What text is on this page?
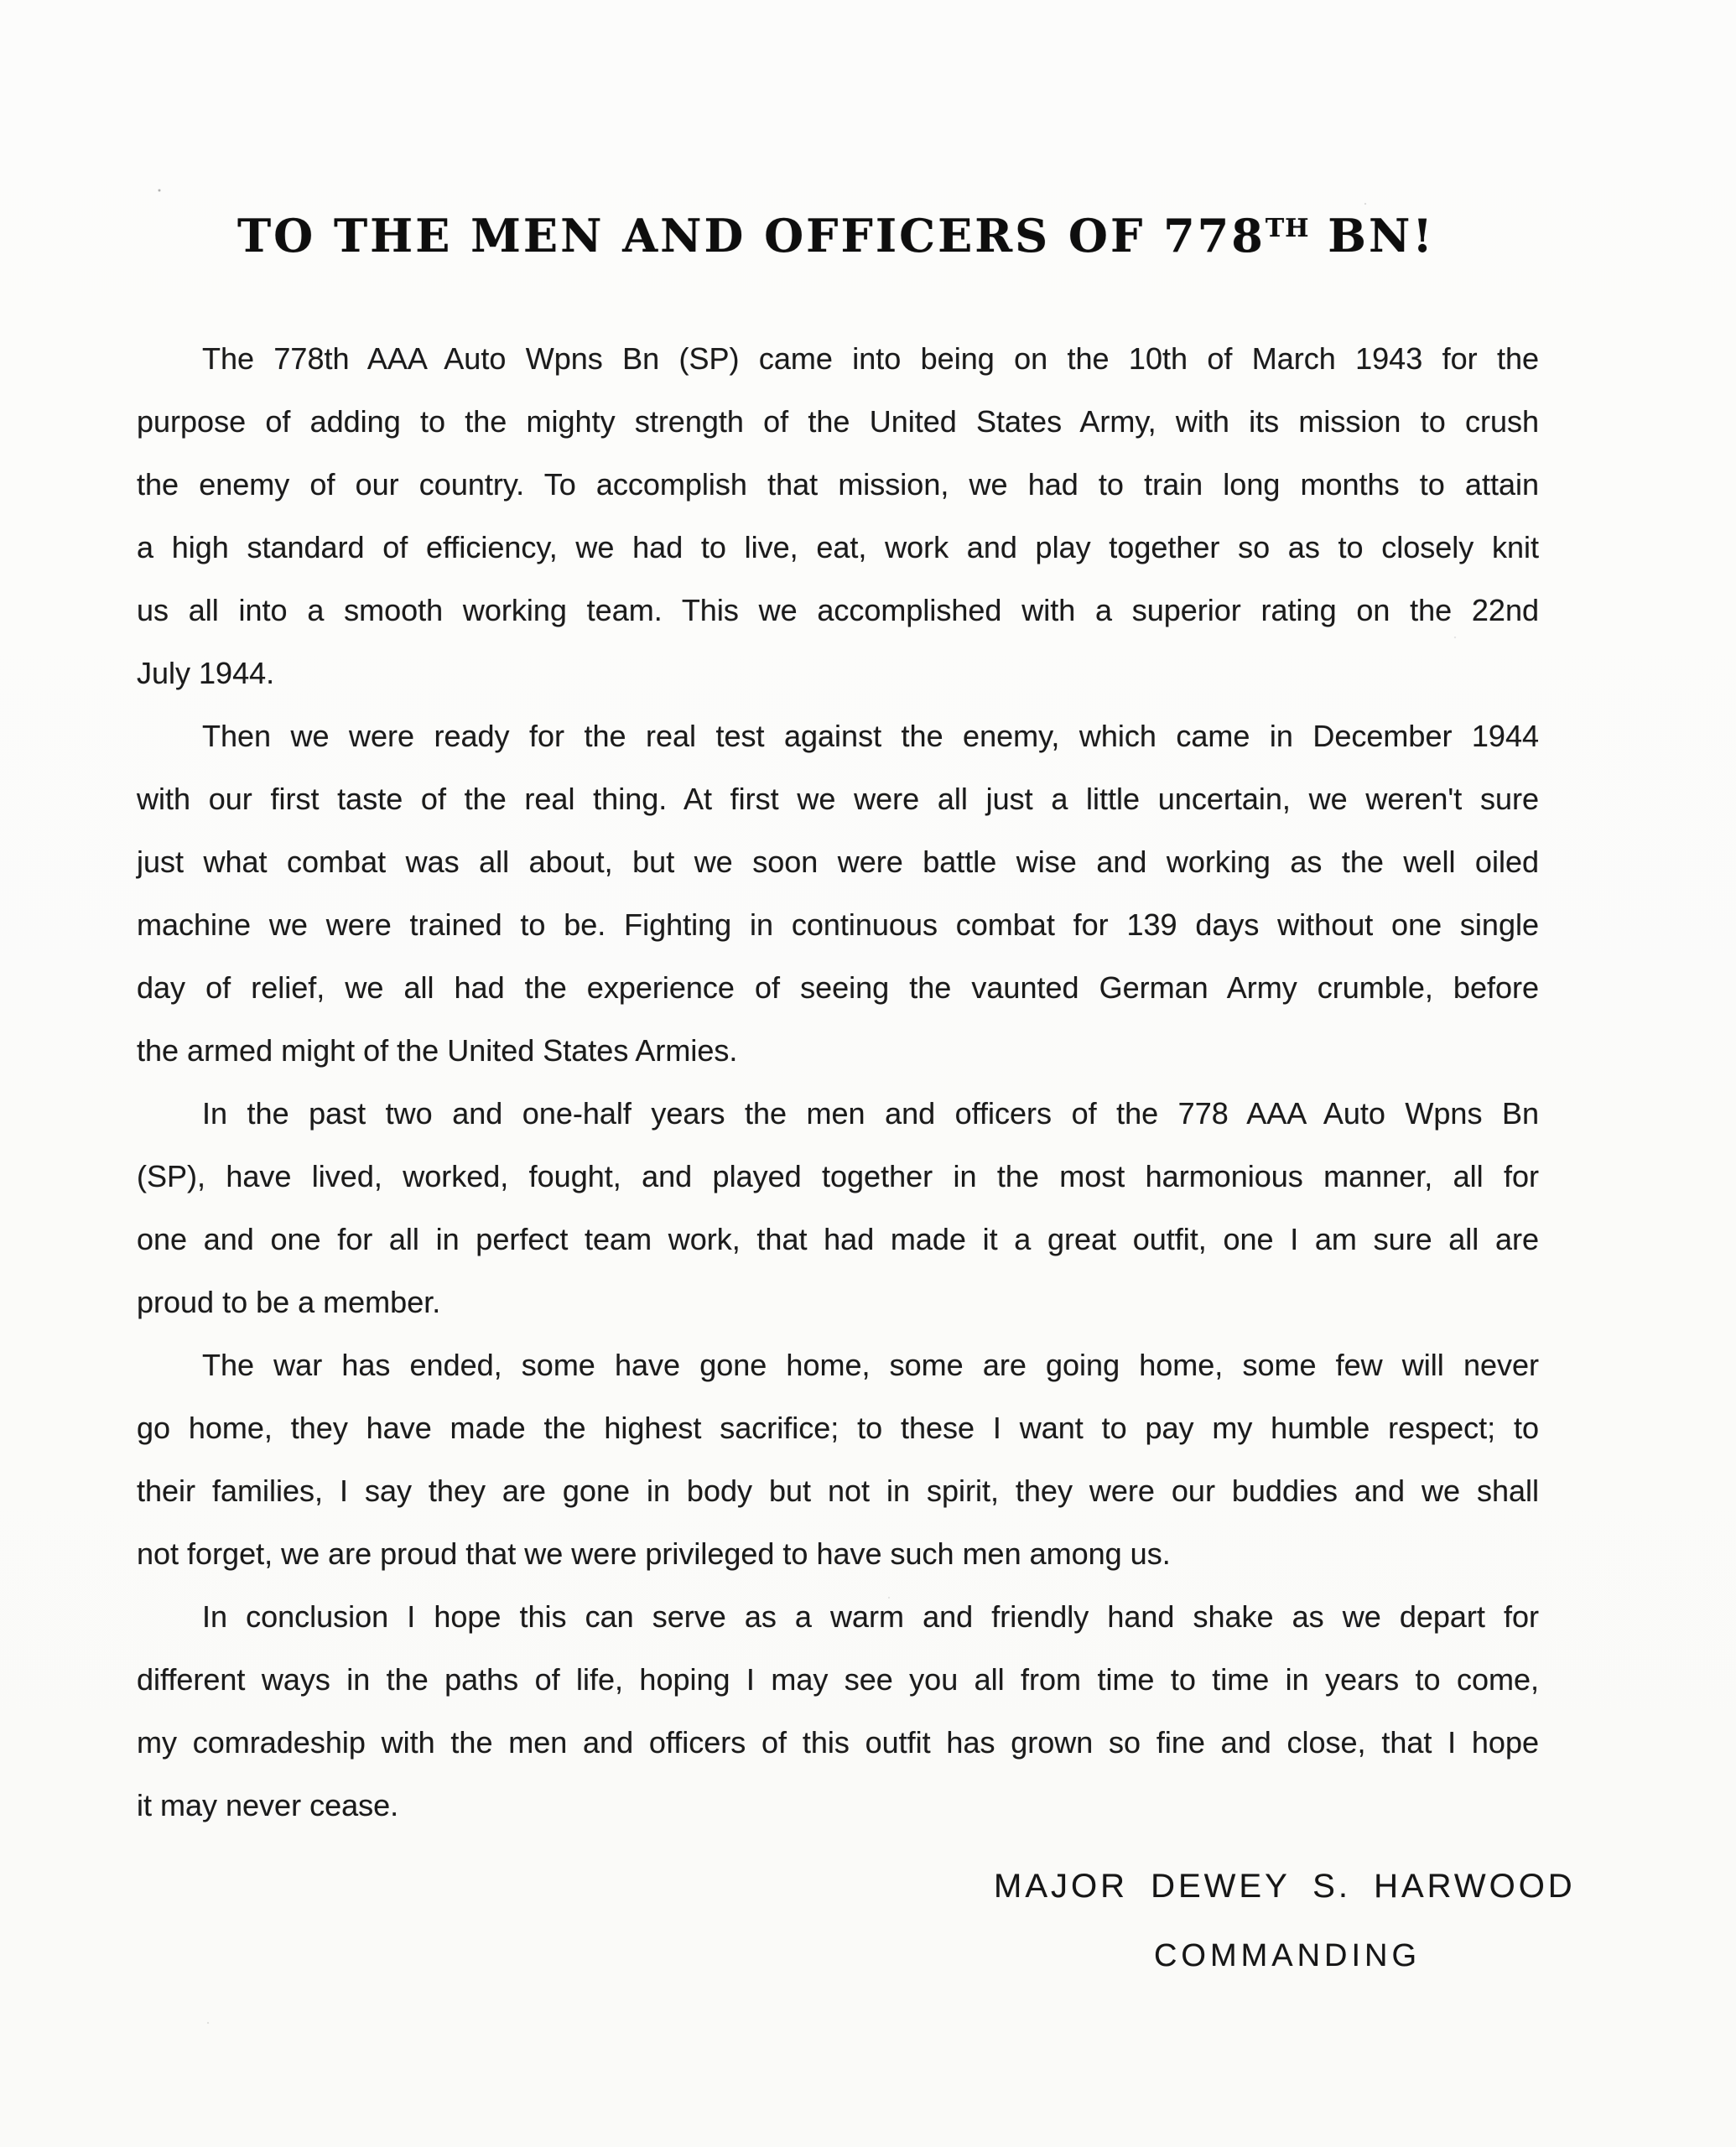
TO THE MEN AND OFFICERS OF 778TH BN!
The 778th AAA Auto Wpns Bn (SP) came into being on the 10th of March 1943 for the
purpose of adding to the mighty strength of the United States Army, with its mission to crush
the enemy of our country. To accomplish that mission, we had to train long months to attain
a high standard of efficiency, we had to live, eat, work and play together so as to closely knit
us all into a smooth working team. This we accomplished with a superior rating on the 22nd
July 1944.
Then we were ready for the real test against the enemy, which came in December 1944
with our first taste of the real thing. At first we were all just a little uncertain, we weren't sure
just what combat was all about, but we soon were battle wise and working as the well oiled
machine we were trained to be. Fighting in continuous combat for 139 days without one single
day of relief, we all had the experience of seeing the vaunted German Army crumble, before
the armed might of the United States Armies.
In the past two and one-half years the men and officers of the 778 AAA Auto Wpns Bn
(SP), have lived, worked, fought, and played together in the most harmonious manner, all for
one and one for all in perfect team work, that had made it a great outfit, one I am sure all are
proud to be a member.
The war has ended, some have gone home, some are going home, some few will never
go home, they have made the highest sacrifice; to these I want to pay my humble respect; to
their families, I say they are gone in body but not in spirit, they were our buddies and we shall
not forget, we are proud that we were privileged to have such men among us.
In conclusion I hope this can serve as a warm and friendly hand shake as we depart for
different ways in the paths of life, hoping I may see you all from time to time in years to come,
my comradeship with the men and officers of this outfit has grown so fine and close, that I hope
it may never cease.
MAJOR DEWEY S. HARWOOD
COMMANDING
